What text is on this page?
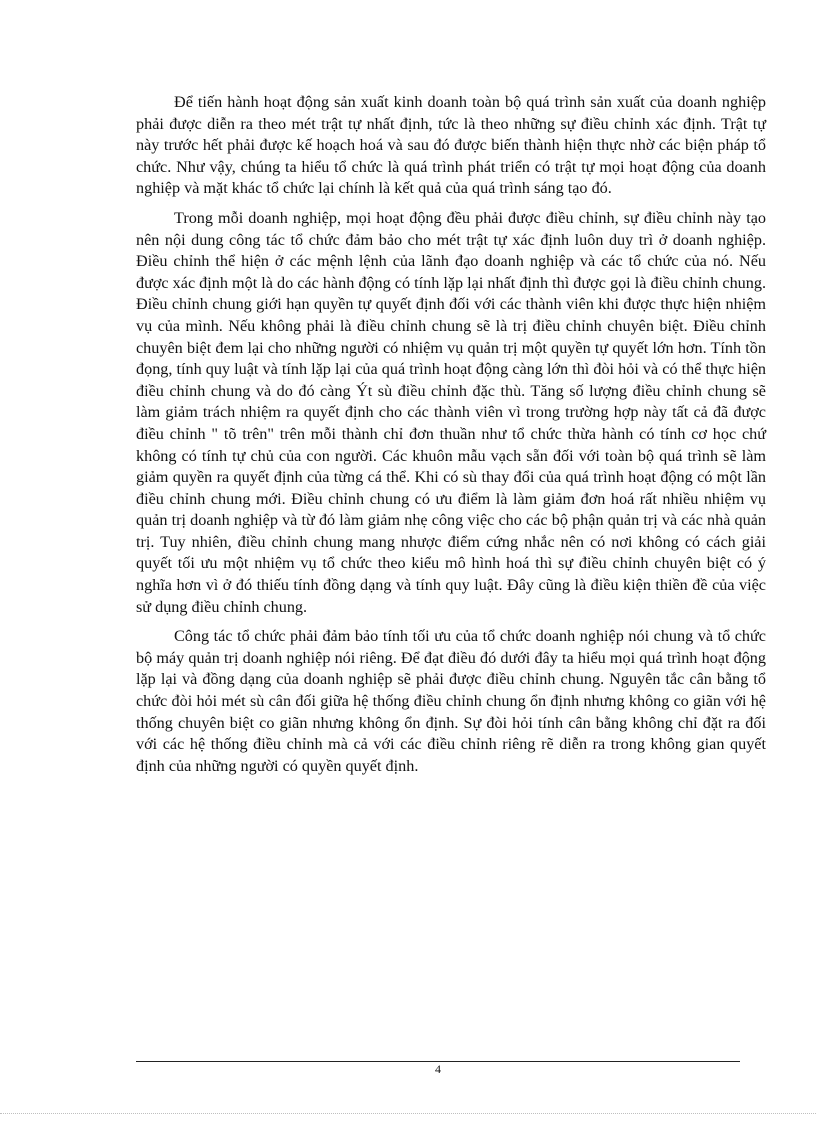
Để tiến hành hoạt động sản xuất kinh doanh toàn bộ quá trình sản xuất của doanh nghiệp phải được diễn ra theo mét trật tự nhất định, tức là theo những sự điều chỉnh xác định. Trật tự này trước hết phải được kế hoạch hoá và sau đó được biến thành hiện thực nhờ các biện pháp tổ chức. Như vậy, chúng ta hiểu tổ chức là quá trình phát triển có trật tự mọi hoạt động của doanh nghiệp và mặt khác tổ chức lại chính là kết quả của quá trình sáng tạo đó.

Trong mỗi doanh nghiệp, mọi hoạt động đều phải được điều chỉnh, sự điều chỉnh này tạo nên nội dung công tác tổ chức đảm bảo cho mét trật tự xác định luôn duy trì ở doanh nghiệp. Điều chỉnh thể hiện ở các mệnh lệnh của lãnh đạo doanh nghiệp và các tổ chức của nó. Nếu được xác định một là do các hành động có tính lặp lại nhất định thì được gọi là điều chỉnh chung. Điều chỉnh chung giới hạn quyền tự quyết định đối với các thành viên khi được thực hiện nhiệm vụ của mình. Nếu không phải là điều chỉnh chung sẽ là trị điều chỉnh chuyên biệt. Điều chỉnh chuyên biệt đem lại cho những người có nhiệm vụ quản trị một quyền tự quyết lớn hơn. Tính tồn đọng, tính quy luật và tính lặp lại của quá trình hoạt động càng lớn thì đòi hỏi và có thể thực hiện điều chỉnh chung và do đó càng Ýt sù điều chỉnh đặc thù. Tăng số lượng điều chỉnh chung sẽ làm giảm trách nhiệm ra quyết định cho các thành viên vì trong trường hợp này tất cả đã được điều chỉnh " tõ trên" trên mỗi thành chỉ đơn thuần như tổ chức thừa hành có tính cơ học chứ không có tính tự chủ của con người. Các khuôn mẫu vạch sẵn đối với toàn bộ quá trình sẽ làm giảm quyền ra quyết định của từng cá thể. Khi có sù thay đổi của quá trình hoạt động có một lần điều chỉnh chung mới. Điều chỉnh chung có ưu điểm là làm giảm đơn hoá rất nhiều nhiệm vụ quản trị doanh nghiệp và từ đó làm giảm nhẹ công việc cho các bộ phận quản trị và các nhà quản trị. Tuy nhiên, điều chỉnh chung mang nhược điểm cứng nhắc nên có nơi không có cách giải quyết tối ưu một nhiệm vụ tổ chức theo kiểu mô hình hoá thì sự điều chỉnh chuyên biệt có ý nghĩa hơn vì ở đó thiếu tính đồng dạng và tính quy luật. Đây cũng là điều kiện thiền đề của việc sử dụng điều chỉnh chung.

Công tác tổ chức phải đảm bảo tính tối ưu của tổ chức doanh nghiệp nói chung và tổ chức bộ máy quản trị doanh nghiệp nói riêng. Để đạt điều đó dưới đây ta hiểu mọi quá trình hoạt động lặp lại và đồng dạng của doanh nghiệp sẽ phải được điều chỉnh chung. Nguyên tắc cân bằng tổ chức đòi hỏi mét sù cân đối giữa hệ thống điều chỉnh chung ổn định nhưng không co giãn với hệ thống chuyên biệt co giãn nhưng không ổn định. Sự đòi hỏi tính cân bằng không chỉ đặt ra đối với các hệ thống điều chỉnh mà cả với các điều chỉnh riêng rẽ diễn ra trong không gian quyết định của những người có quyền quyết định.

4
